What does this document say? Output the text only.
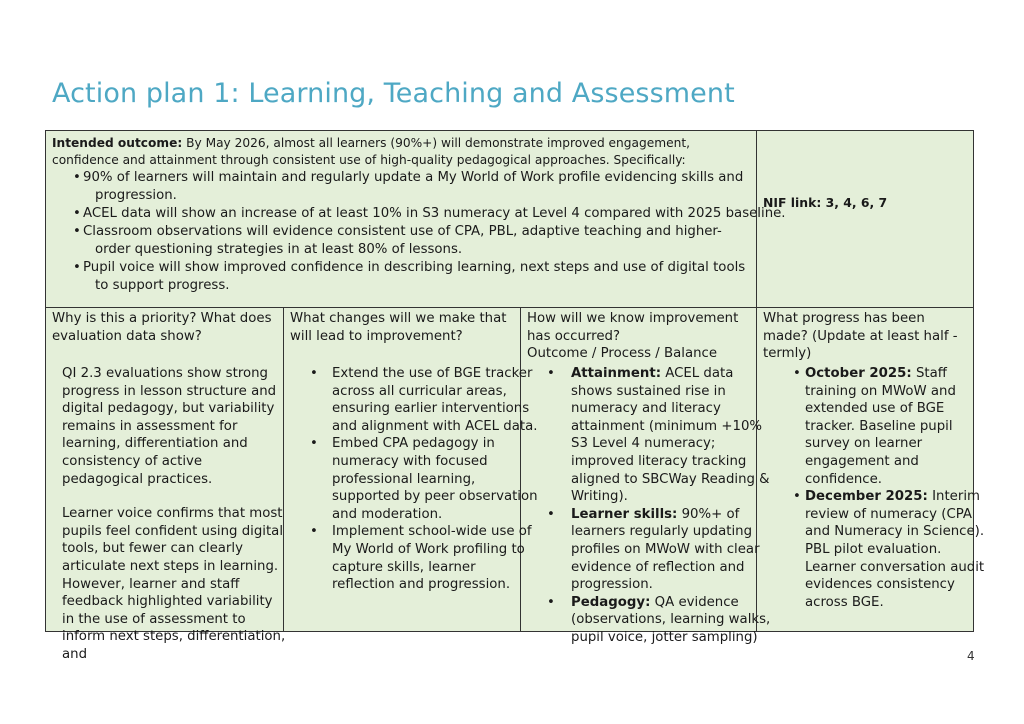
Action plan 1: Learning, Teaching and Assessment
Intended outcome: By May 2026, almost all learners (90%+) will demonstrate improved engagement, confidence and attainment through consistent use of high-quality pedagogical approaches. Specifically:
• 90% of learners will maintain and regularly update a My World of Work profile evidencing skills and progression.
• ACEL data will show an increase of at least 10% in S3 numeracy at Level 4 compared with 2025 baseline.
• Classroom observations will evidence consistent use of CPA, PBL, adaptive teaching and higher-order questioning strategies in at least 80% of lessons.
• Pupil voice will show improved confidence in describing learning, next steps and use of digital tools to support progress.
NIF link: 3, 4, 6, 7
Why is this a priority? What does evaluation data show?
What changes will we make that will lead to improvement?
How will we know improvement has occurred?
Outcome / Process / Balance
What progress has been made? (Update at least half -termly)

QI 2.3 evaluations show strong progress in lesson structure and digital pedagogy, but variability remains in assessment for learning, differentiation and consistency of active pedagogical practices.

Learner voice confirms that most pupils feel confident using digital tools, but fewer can clearly articulate next steps in learning. However, learner and staff feedback highlighted variability in the use of assessment to inform next steps, differentiation, and

• Extend the use of BGE tracker across all curricular areas, ensuring earlier interventions and alignment with ACEL data.
• Embed CPA pedagogy in numeracy with focused professional learning, supported by peer observation and moderation.
• Implement school-wide use of My World of Work profiling to capture skills, learner reflection and progression.
• Attainment: ACEL data shows sustained rise in numeracy and literacy attainment (minimum +10% S3 Level 4 numeracy; improved literacy tracking aligned to SBCWay Reading & Writing).
• Learner skills: 90%+ of learners regularly updating profiles on MWoW with clear evidence of reflection and progression.
• Pedagogy: QA evidence (observations, learning walks, pupil voice, jotter sampling)
• October 2025: Staff training on MWoW and extended use of BGE tracker. Baseline pupil survey on learner engagement and confidence.
• December 2025: Interim review of numeracy (CPA and Numeracy in Science). PBL pilot evaluation. Learner conversation audit evidences consistency across BGE.
4
